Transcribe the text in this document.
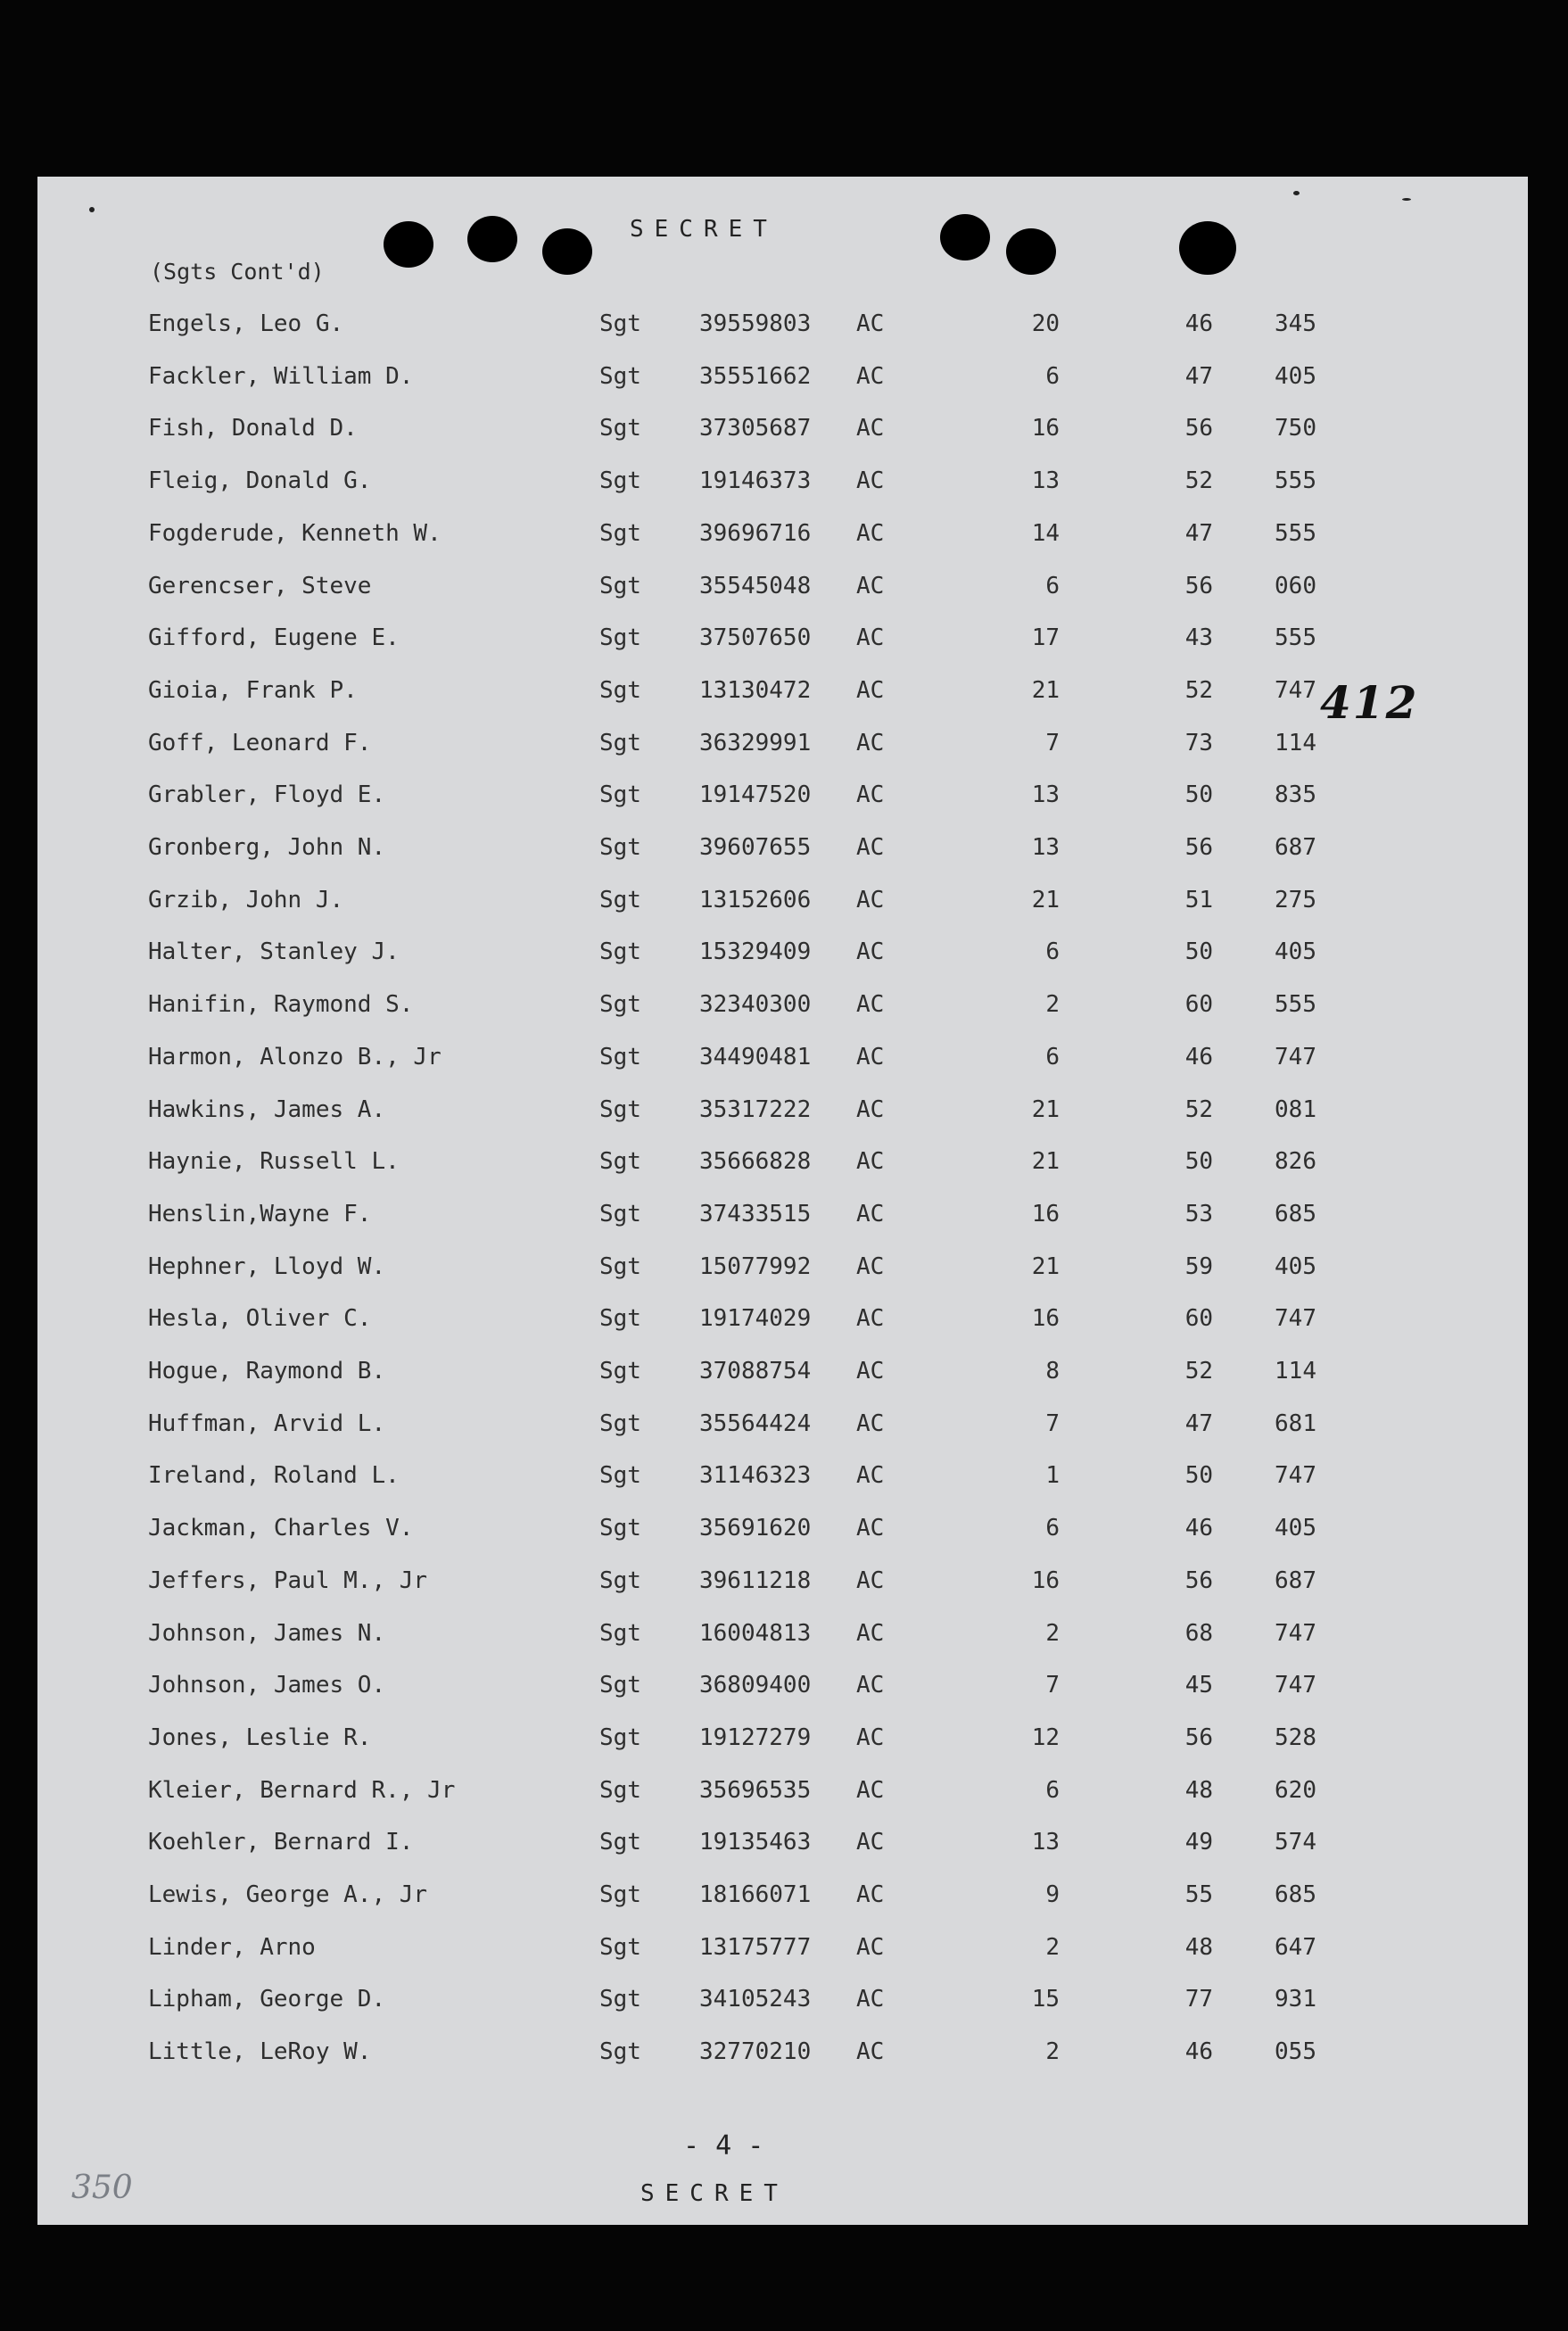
SECRET
(Sgts Cont'd)
412
Engels, Leo G.	Sgt	39559803 AC	20	46	345
Fackler, William D.	Sgt	35551662 AC	6	47	405
Fish, Donald D.	Sgt	37305687 AC	16	56	750
Fleig, Donald G.	Sgt	19146373 AC	13	52	555
Fogderude, Kenneth W.	Sgt	39696716 AC	14	47	555
Gerencser, Steve	Sgt	35545048 AC	6	56	060
Gifford, Eugene E.	Sgt	37507650 AC	17	43	555
Gioia, Frank P.	Sgt	13130472 AC	21	52	747
Goff, Leonard F.	Sgt	36329991 AC	7	73	114
Grabler, Floyd E.	Sgt	19147520 AC	13	50	835
Gronberg, John N.	Sgt	39607655 AC	13	56	687
Grzib, John J.	Sgt	13152606 AC	21	51	275
Halter, Stanley J.	Sgt	15329409 AC	6	50	405
Hanifin, Raymond S.	Sgt	32340300 AC	2	60	555
Harmon, Alonzo B., Jr	Sgt	34490481 AC	6	46	747
Hawkins, James A.	Sgt	35317222 AC	21	52	081
Haynie, Russell L.	Sgt	35666828 AC	21	50	826
Henslin,Wayne F.	Sgt	37433515 AC	16	53	685
Hephner, Lloyd W.	Sgt	15077992 AC	21	59	405
Hesla, Oliver C.	Sgt	19174029 AC	16	60	747
Hogue, Raymond B.	Sgt	37088754 AC	8	52	114
Huffman, Arvid L.	Sgt	35564424 AC	7	47	681
Ireland, Roland L.	Sgt	31146323 AC	1	50	747
Jackman, Charles V.	Sgt	35691620 AC	6	46	405
Jeffers, Paul M., Jr	Sgt	39611218 AC	16	56	687
Johnson, James N.	Sgt	16004813 AC	2	68	747
Johnson, James O.	Sgt	36809400 AC	7	45	747
Jones, Leslie R.	Sgt	19127279 AC	12	56	528
Kleier, Bernard R., Jr	Sgt	35696535 AC	6	48	620
Koehler, Bernard I.	Sgt	19135463 AC	13	49	574
Lewis, George A., Jr	Sgt	18166071 AC	9	55	685
Linder, Arno	Sgt	13175777 AC	2	48	647
Lipham, George D.	Sgt	34105243 AC	15	77	931
Little, LeRoy W.	Sgt	32770210 AC	2	46	055
- 4 -
SECRET
350
